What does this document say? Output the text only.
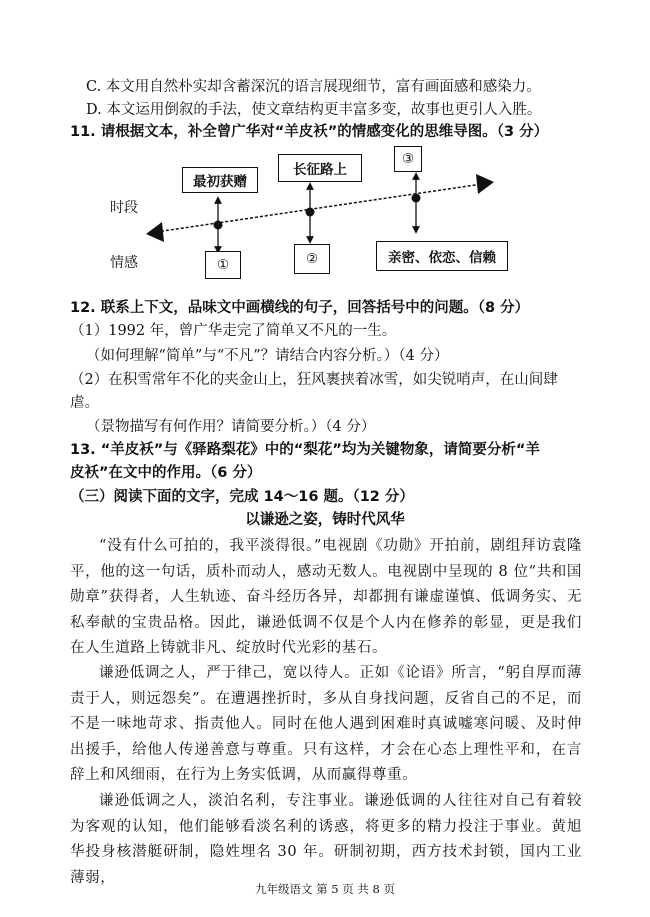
C. 本文用自然朴实却含蓄深沉的语言展现细节，富有画面感和感染力。
D. 本文运用倒叙的手法，使文章结构更丰富多变，故事也更引人入胜。
11. 请根据文本，补全曾广华对“羊皮袄”的情感变化的思维导图。（3 分）
时段
情感
最初获赠
长征路上
③
①	②	亲密、依恋、信赖
12. 联系上下文，品味文中画横线的句子，回答括号中的问题。（8 分）
（1）1992 年，曾广华走完了简单又不凡的一生。
（如何理解“简单”与“不凡”？请结合内容分析。）（4 分）
（2）在积雪常年不化的夹金山上，狂风裹挟着冰雪，如尖锐哨声，在山间肆
虐。
（景物描写有何作用？请简要分析。）（4 分）
13. “羊皮袄”与《驿路梨花》中的“梨花”均为关键物象，请简要分析“羊
皮袄”在文中的作用。（6 分）
（三）阅读下面的文字，完成 14～16 题。（12 分）
以谦逊之姿，铸时代风华
“没有什么可拍的，我平淡得很。”电视剧《功勋》开拍前，剧组拜访袁隆平，他的这一句话，质朴而动人，感动无数人。电视剧中呈现的 8 位“共和国勋章”获得者，人生轨迹、奋斗经历各异，却都拥有谦虚谨慎、低调务实、无私奉献的宝贵品格。因此，谦逊低调不仅是个人内在修养的彰显，更是我们在人生道路上铸就非凡、绽放时代光彩的基石。
谦逊低调之人，严于律己，宽以待人。正如《论语》所言，“躬自厚而薄责于人，则远怨矣”。在遭遇挫折时，多从自身找问题，反省自己的不足，而不是一味地苛求、指责他人。同时在他人遇到困难时真诚嘘寒问暖、及时伸出援手，给他人传递善意与尊重。只有这样，才会在心态上理性平和，在言辞上和风细雨，在行为上务实低调，从而赢得尊重。
谦逊低调之人，淡泊名利，专注事业。谦逊低调的人往往对自己有着较为客观的认知，他们能够看淡名利的诱惑，将更多的精力投注于事业。黄旭华投身核潜艇研制，隐姓埋名 30 年。研制初期，西方技术封锁，国内工业薄弱，
九年级语文 第 5 页 共 8 页
